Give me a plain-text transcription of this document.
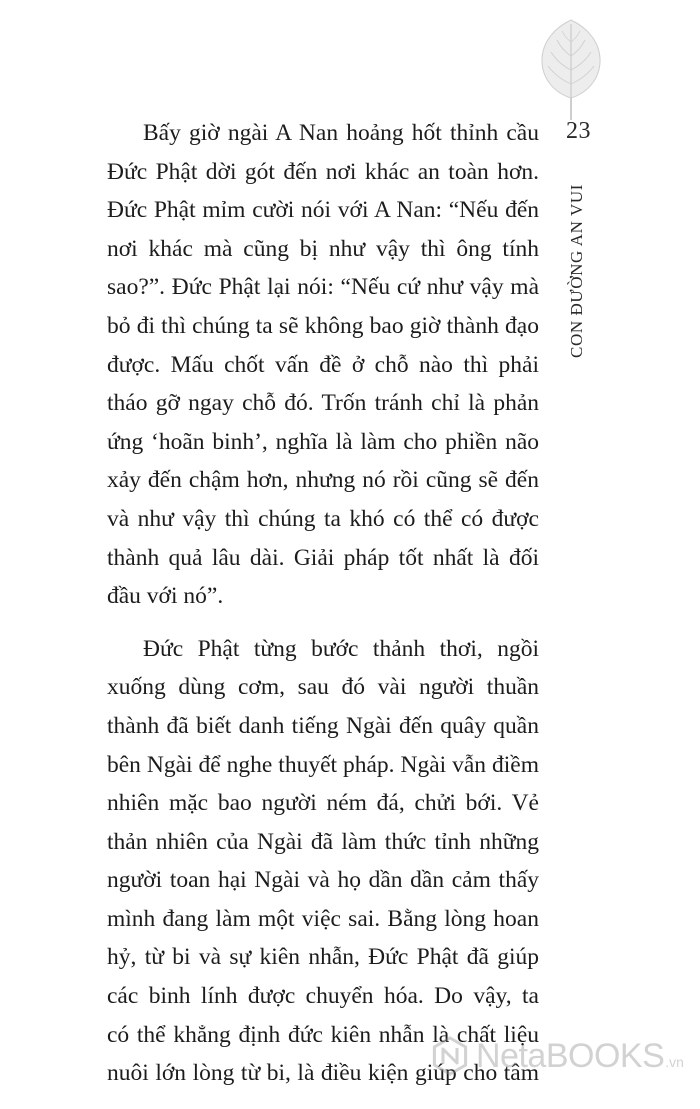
23
CON ĐƯỜNG AN VUI

Bấy giờ ngài A Nan hoảng hốt thỉnh cầu
Đức Phật dời gót đến nơi khác an toàn hơn.
Đức Phật mỉm cười nói với A Nan: “Nếu đến
nơi khác mà cũng bị như vậy thì ông tính
sao?”. Đức Phật lại nói: “Nếu cứ như vậy mà
bỏ đi thì chúng ta sẽ không bao giờ thành đạo
được. Mấu chốt vấn đề ở chỗ nào thì phải
tháo gỡ ngay chỗ đó. Trốn tránh chỉ là phản
ứng ‘hoãn binh’, nghĩa là làm cho phiền não
xảy đến chậm hơn, nhưng nó rồi cũng sẽ đến
và như vậy thì chúng ta khó có thể có được
thành quả lâu dài. Giải pháp tốt nhất là đối
đầu với nó”.

Đức Phật từng bước thảnh thơi, ngồi
xuống dùng cơm, sau đó vài người thuần
thành đã biết danh tiếng Ngài đến quây quần
bên Ngài để nghe thuyết pháp. Ngài vẫn điềm
nhiên mặc bao người ném đá, chửi bới. Vẻ
thản nhiên của Ngài đã làm thức tỉnh những
người toan hại Ngài và họ dần dần cảm thấy
mình đang làm một việc sai. Bằng lòng hoan
hỷ, từ bi và sự kiên nhẫn, Đức Phật đã giúp
các binh lính được chuyển hóa. Do vậy, ta
có thể khẳng định đức kiên nhẫn là chất liệu
nuôi lớn lòng từ bi, là điều kiện giúp cho tâm

NetaBOOKS .vn
